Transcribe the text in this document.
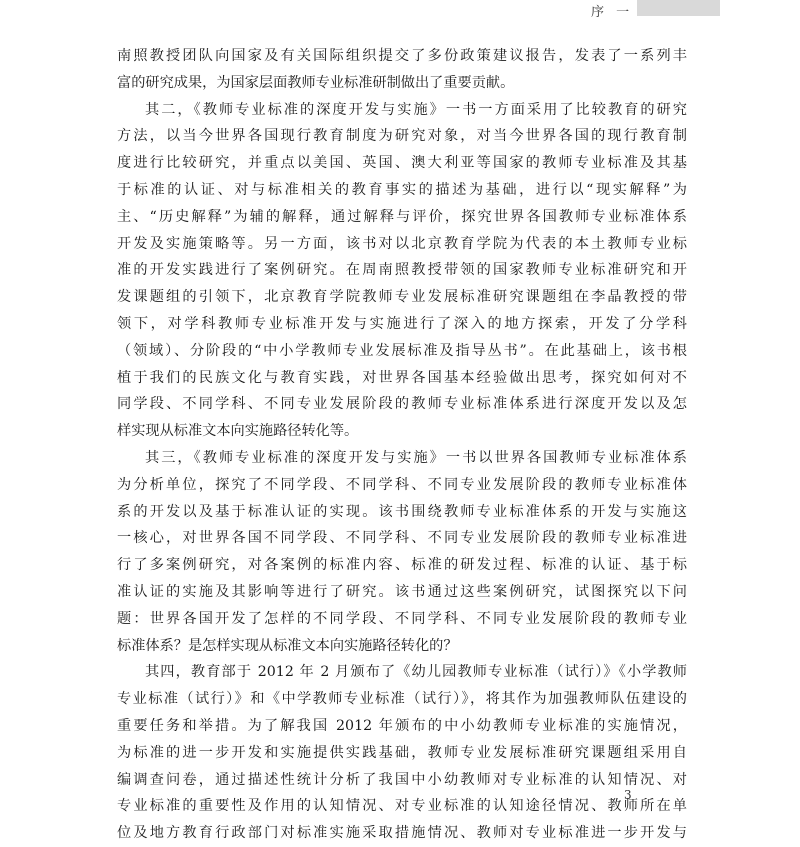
序 一
南照教授团队向国家及有关国际组织提交了多份政策建议报告，发表了一系列丰
富的研究成果，为国家层面教师专业标准研制做出了重要贡献。
其二，《教师专业标准的深度开发与实施》一书一方面采用了比较教育的研究
方法，以当今世界各国现行教育制度为研究对象，对当今世界各国的现行教育制
度进行比较研究，并重点以美国、英国、澳大利亚等国家的教师专业标准及其基
于标准的认证、对与标准相关的教育事实的描述为基础，进行以“现实解释”为
主、“历史解释”为辅的解释，通过解释与评价，探究世界各国教师专业标准体系
开发及实施策略等。另一方面，该书对以北京教育学院为代表的本土教师专业标
准的开发实践进行了案例研究。在周南照教授带领的国家教师专业标准研究和开
发课题组的引领下，北京教育学院教师专业发展标准研究课题组在李晶教授的带
领下，对学科教师专业标准开发与实施进行了深入的地方探索，开发了分学科
（领域）、分阶段的“中小学教师专业发展标准及指导丛书”。在此基础上，该书根
植于我们的民族文化与教育实践，对世界各国基本经验做出思考，探究如何对不
同学段、不同学科、不同专业发展阶段的教师专业标准体系进行深度开发以及怎
样实现从标准文本向实施路径转化等。
其三，《教师专业标准的深度开发与实施》一书以世界各国教师专业标准体系
为分析单位，探究了不同学段、不同学科、不同专业发展阶段的教师专业标准体
系的开发以及基于标准认证的实现。该书围绕教师专业标准体系的开发与实施这
一核心，对世界各国不同学段、不同学科、不同专业发展阶段的教师专业标准进
行了多案例研究，对各案例的标准内容、标准的研发过程、标准的认证、基于标
准认证的实施及其影响等进行了研究。该书通过这些案例研究，试图探究以下问
题：世界各国开发了怎样的不同学段、不同学科、不同专业发展阶段的教师专业
标准体系？是怎样实现从标准文本向实施路径转化的？
其四，教育部于 2012 年 2 月颁布了《幼儿园教师专业标准（试行）》《小学教师
专业标准（试行）》和《中学教师专业标准（试行）》，将其作为加强教师队伍建设的
重要任务和举措。为了解我国 2012 年颁布的中小幼教师专业标准的实施情况，
为标准的进一步开发和实施提供实践基础，教师专业发展标准研究课题组采用自
编调查问卷，通过描述性统计分析了我国中小幼教师对专业标准的认知情况、对
专业标准的重要性及作用的认知情况、对专业标准的认知途径情况、教师所在单
位及地方教育行政部门对标准实施采取措施情况、教师对专业标准进一步开发与
3
